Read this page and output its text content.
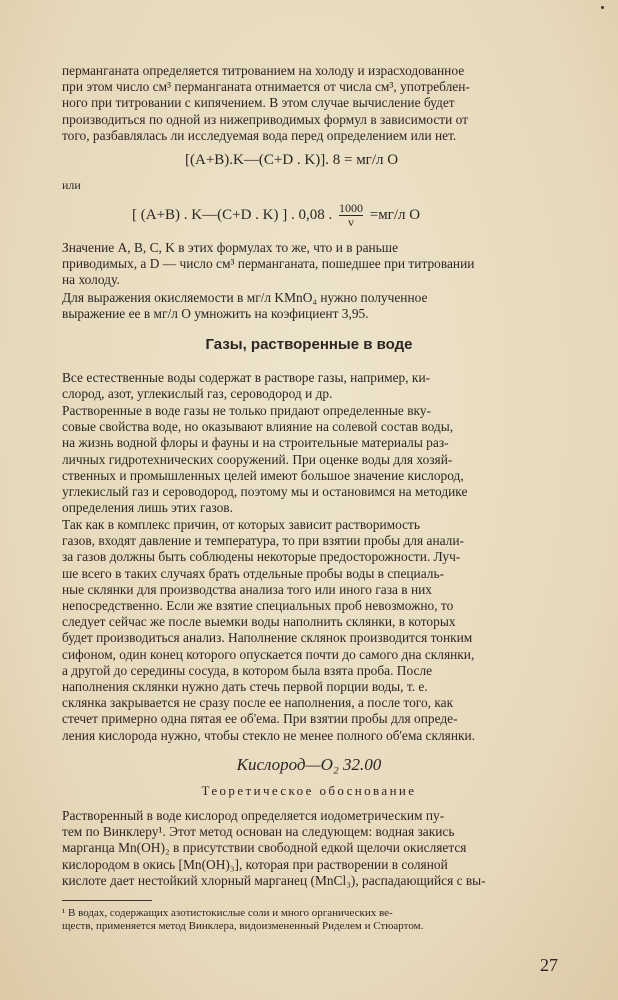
перманганата определяется титрованием на холоду и израсходованное
при этом число см³ перманганата отнимается от числа см³, употреблен-
ного при титровании с кипячением. В этом случае вычисление будет
производиться по одной из нижеприводимых формул в зависимости от
того, разбавлялась ли исследуемая вода перед определением или нет.
[(A+B).K—(C+D . K)]. 8 = мг/л O
или
[ (A+B) . K—(C+D . K) ] . 0,08 . $\frac{1000}{v} =мг/л$ O
Значение A, B, C, K в этих формулах то же, что и в раньше
приводимых, а D — число см³ перманганата, пошедшее при титровании
на холоду.
Для выражения окисляемости в мг/л KMnO₄ нужно полученное
выражение ее в мг/л O умножить на коэфициент 3,95.
Газы, растворенные в воде
Все естественные воды содержат в растворе газы, например, ки-
слород, азот, углекислый газ, сероводород и др.
Растворенные в воде газы не только придают определенные вку-
совые свойства воде, но оказывают влияние на солевой состав воды,
на жизнь водной флоры и фауны и на строительные материалы раз-
личных гидротехнических сооружений. При оценке воды для хозяй-
ственных и промышленных целей имеют большое значение кислород,
углекислый газ и сероводород, поэтому мы и остановимся на методике
определения лишь этих газов.
Так как в комплекс причин, от которых зависит растворимость
газов, входят давление и температура, то при взятии пробы для анали-
за газов должны быть соблюдены некоторые предосторожности. Луч-
ше всего в таких случаях брать отдельные пробы воды в специаль-
ные склянки для производства анализа того или иного газа в них
непосредственно. Если же взятие специальных проб невозможно, то
следует сейчас же после выемки воды наполнить склянки, в которых
будет производиться анализ. Наполнение склянок производится тонким
сифоном, один конец которого опускается почти до самого дна склянки,
а другой до середины сосуда, в котором была взята проба. После
наполнения склянки нужно дать стечь первой порции воды, т. е.
склянка закрывается не сразу после ее наполнения, а после того, как
стечет примерно одна пятая ее об'ема. При взятии пробы для опреде-
ления кислорода нужно, чтобы стекло не менее полного об'ема склянки.
Кислород—O₂ 32.00
Теоретическое обоснование
Растворенный в воде кислород определяется иодометрическим пу-
тем по Винклеру¹. Этот метод основан на следующем: водная закись
марганца Mn(OH)₂ в присутствии свободной едкой щелочи окисляется
кислородом в окись [Mn(OH)₃], которая при растворении в соляной
кислоте дает нестойкий хлорный марганец (MnCl₃), распадающийся с вы-
¹ В водах, содержащих азотистокислые соли и много органических ве-
ществ, применяется метод Винклера, видоизмененный Риделем и Стюартом.
27
